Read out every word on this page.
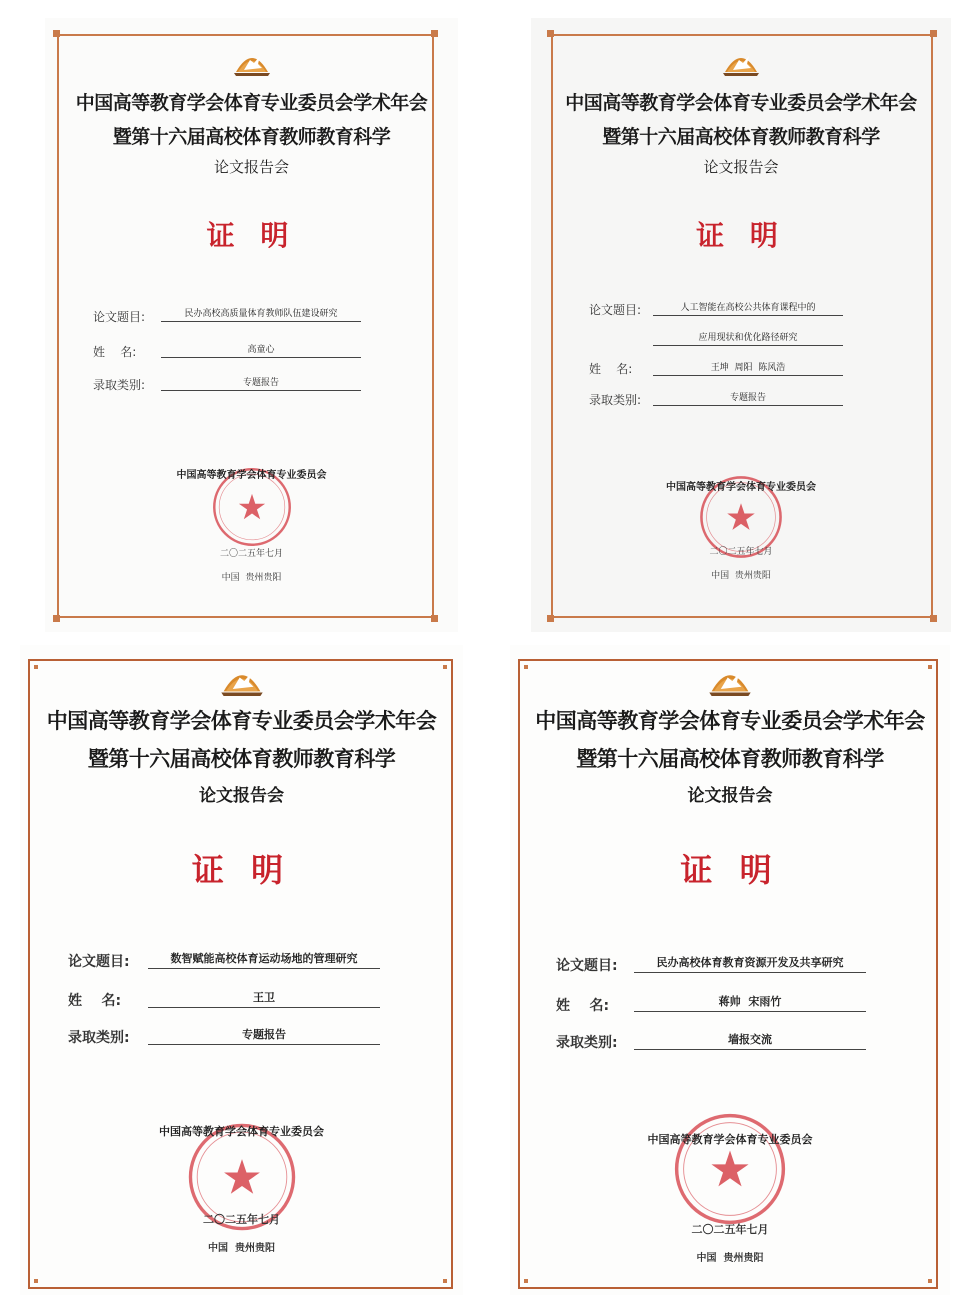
中国高等教育学会体育专业委员会学术年会
暨第十六届高校体育教师教育科学
论文报告会
证 明
论文题目:	民办高校高质量体育教师队伍建设研究
姓    名:	高童心
录取类别:	专题报告
中国高等教育学会体育专业委员会
二〇二五年七月
中国  贵州贵阳
中国高等教育学会体育专业委员会学术年会
暨第十六届高校体育教师教育科学
论文报告会
证 明
论文题目:	人工智能在高校公共体育课程中的
应用现状和优化路径研究
姓    名:	王坤  周阳  陈风浩
录取类别:	专题报告
中国高等教育学会体育专业委员会
二〇二五年七月
中国  贵州贵阳
中国高等教育学会体育专业委员会学术年会
暨第十六届高校体育教师教育科学
论文报告会
证 明
论文题目:	数智赋能高校体育运动场地的管理研究
姓    名:	王卫
录取类别:	专题报告
中国高等教育学会体育专业委员会
二〇二五年七月
中国  贵州贵阳
中国高等教育学会体育专业委员会学术年会
暨第十六届高校体育教师教育科学
论文报告会
证 明
论文题目:	民办高校体育教育资源开发及共享研究
姓    名:	蒋帅  宋雨竹
录取类别:	墙报交流
中国高等教育学会体育专业委员会
二〇二五年七月
中国  贵州贵阳
